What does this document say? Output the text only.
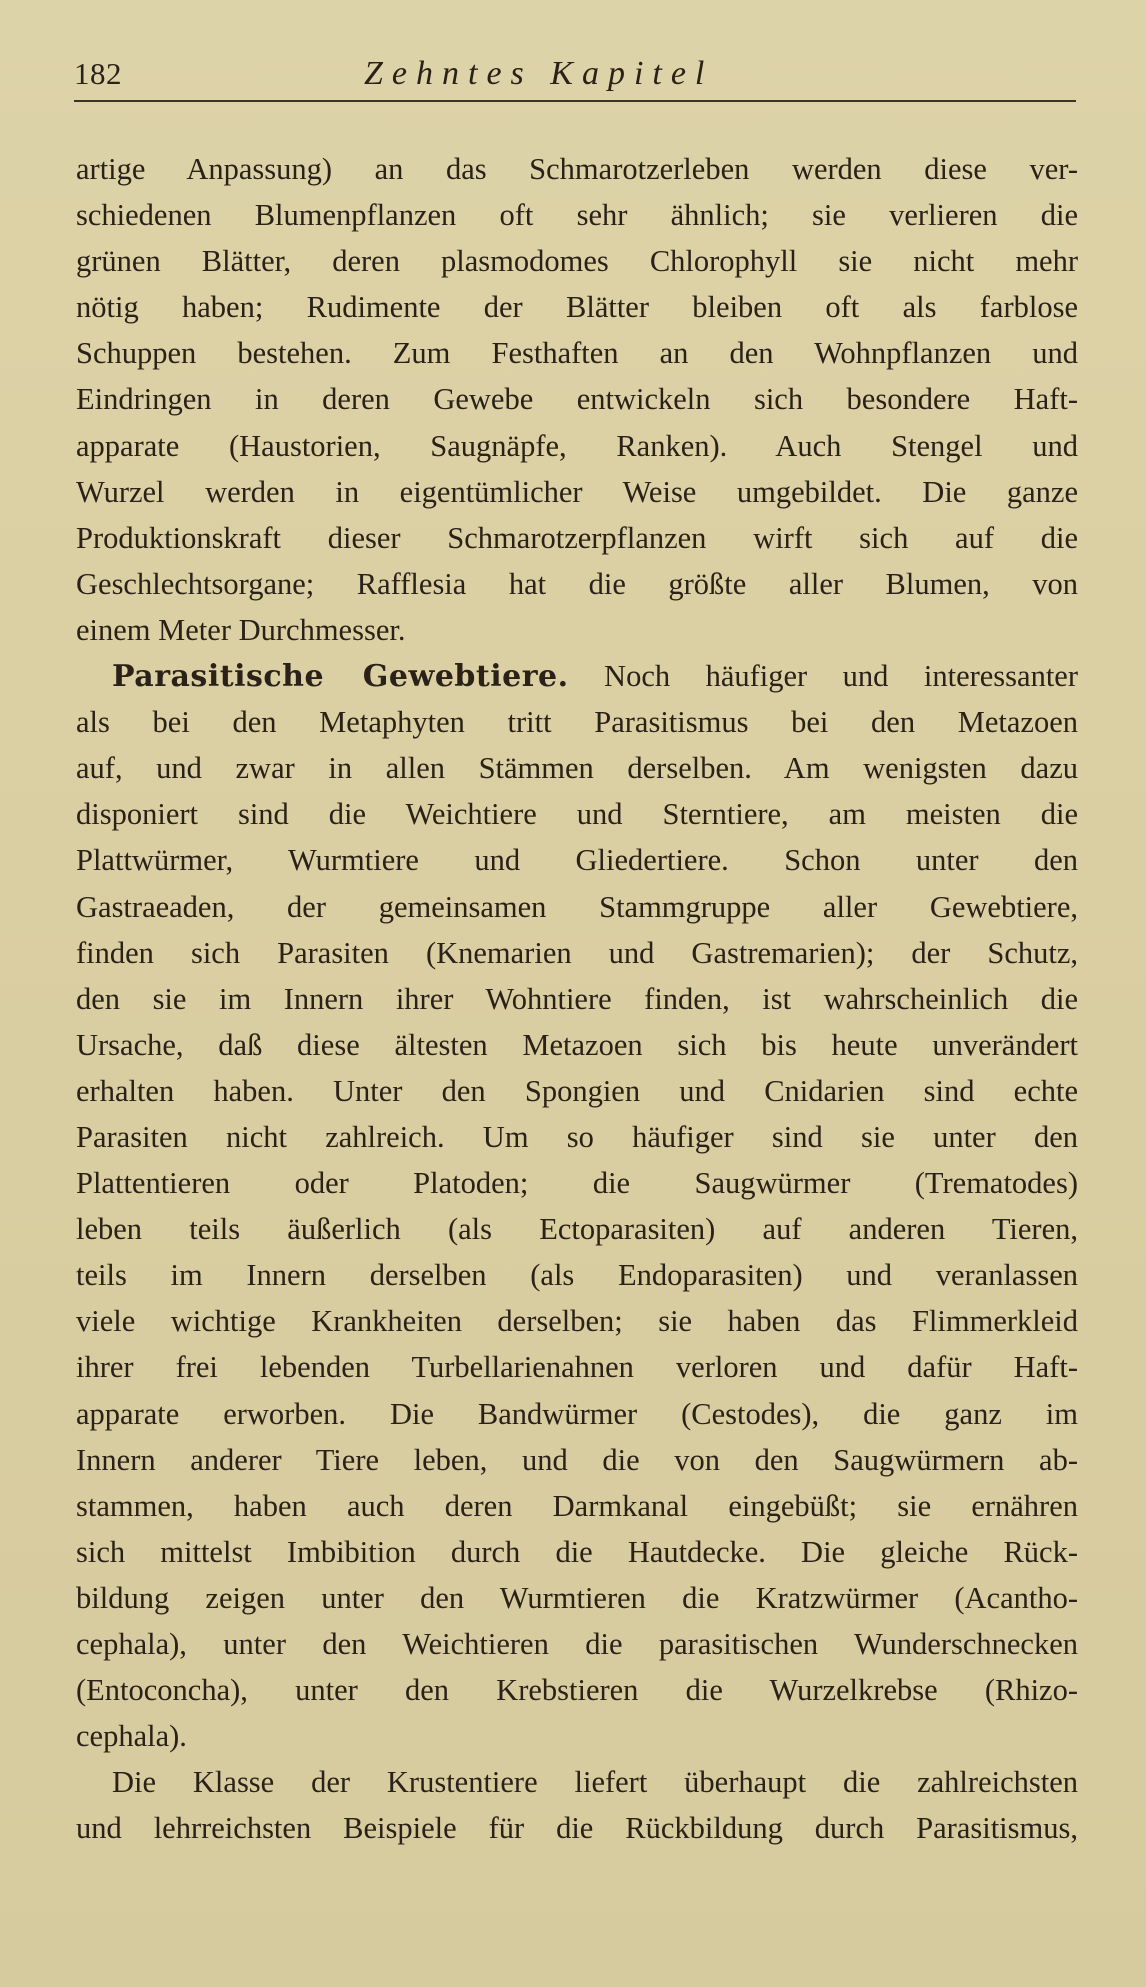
182	Zehntes Kapitel
artige Anpassung) an das Schmarotzerleben werden diese ver-
schiedenen Blumenpflanzen oft sehr ähnlich; sie verlieren die
grünen Blätter, deren plasmodomes Chlorophyll sie nicht mehr
nötig haben; Rudimente der Blätter bleiben oft als farblose
Schuppen bestehen. Zum Festhaften an den Wohnpflanzen und
Eindringen in deren Gewebe entwickeln sich besondere Haft-
apparate (Haustorien, Saugnäpfe, Ranken). Auch Stengel und
Wurzel werden in eigentümlicher Weise umgebildet. Die ganze
Produktionskraft dieser Schmarotzerpflanzen wirft sich auf die
Geschlechtsorgane; Rafflesia hat die größte aller Blumen, von
einem Meter Durchmesser.
Parasitische Gewebtiere. Noch häufiger und interessanter
als bei den Metaphyten tritt Parasitismus bei den Metazoen
auf, und zwar in allen Stämmen derselben. Am wenigsten dazu
disponiert sind die Weichtiere und Sterntiere, am meisten die
Plattwürmer, Wurmtiere und Gliedertiere. Schon unter den
Gastraeaden, der gemeinsamen Stammgruppe aller Gewebtiere,
finden sich Parasiten (Knemarien und Gastremarien); der Schutz,
den sie im Innern ihrer Wohntiere finden, ist wahrscheinlich die
Ursache, daß diese ältesten Metazoen sich bis heute unverändert
erhalten haben. Unter den Spongien und Cnidarien sind echte
Parasiten nicht zahlreich. Um so häufiger sind sie unter den
Plattentieren oder Platoden; die Saugwürmer (Trematodes)
leben teils äußerlich (als Ectoparasiten) auf anderen Tieren,
teils im Innern derselben (als Endoparasiten) und veranlassen
viele wichtige Krankheiten derselben; sie haben das Flimmerkleid
ihrer frei lebenden Turbellarienahnen verloren und dafür Haft-
apparate erworben. Die Bandwürmer (Cestodes), die ganz im
Innern anderer Tiere leben, und die von den Saugwürmern ab-
stammen, haben auch deren Darmkanal eingebüßt; sie ernähren
sich mittelst Imbibition durch die Hautdecke. Die gleiche Rück-
bildung zeigen unter den Wurmtieren die Kratzwürmer (Acantho-
cephala), unter den Weichtieren die parasitischen Wunderschnecken
(Entoconcha), unter den Krebstieren die Wurzelkrebse (Rhizo-
cephala).
Die Klasse der Krustentiere liefert überhaupt die zahlreichsten
und lehrreichsten Beispiele für die Rückbildung durch Parasitismus,
